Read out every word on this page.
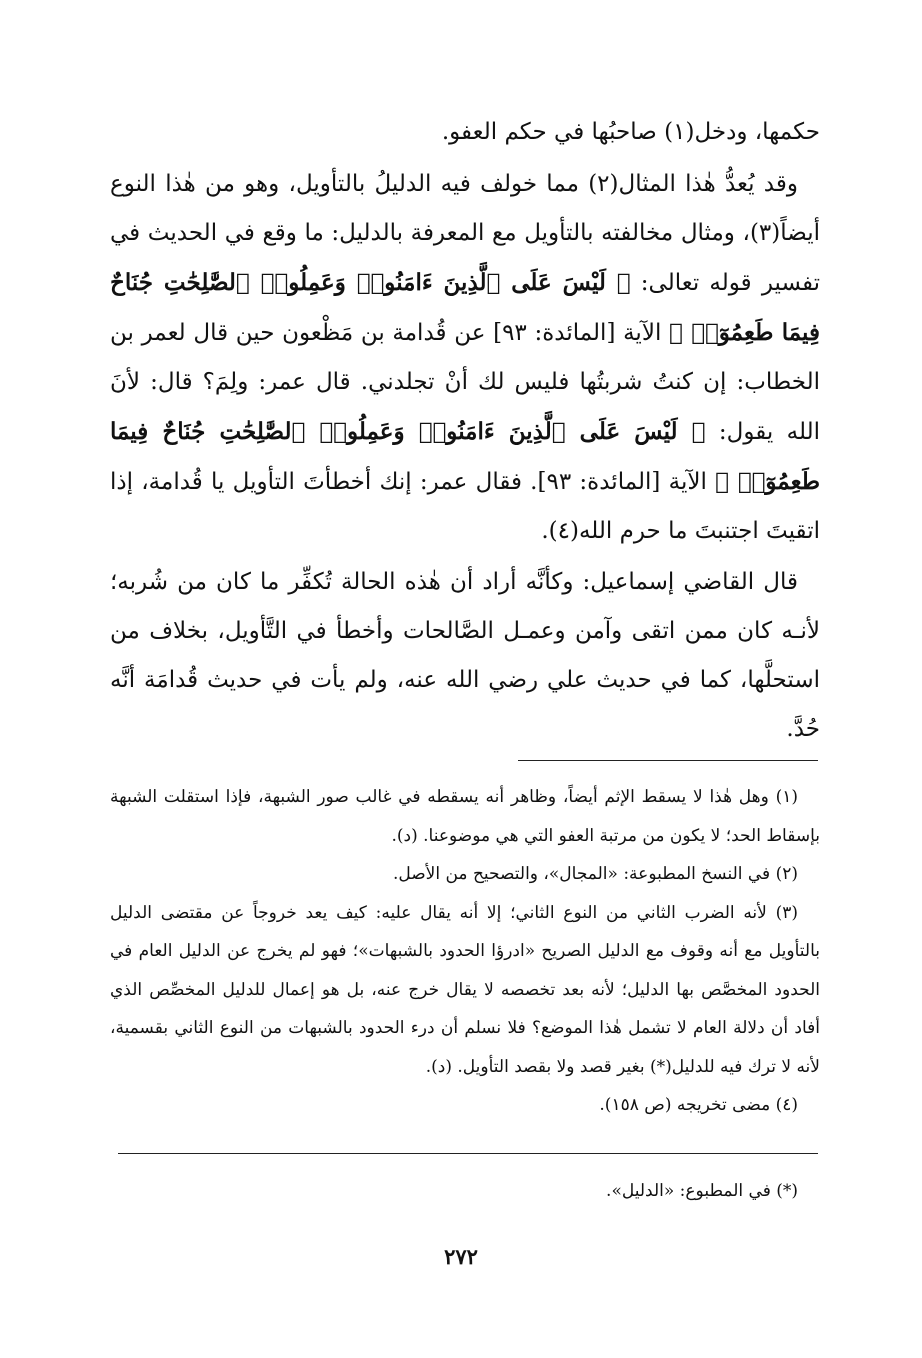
حكمها، ودخل(١) صاحبُها في حكم العفو.

وقد يُعدُّ هٰذا المثال(٢) مما خولف فيه الدليلُ بالتأويل، وهو من هٰذا النوع أيضاً(٣)، ومثال مخالفته بالتأويل مع المعرفة بالدليل: ما وقع في الحديث في تفسير قوله تعالى: ﴿ لَيْسَ عَلَى ٱلَّذِينَ ءَامَنُوا۟ وَعَمِلُوا۟ ٱلصَّٰلِحَٰتِ جُنَاحٌ فِيمَا طَعِمُوٓا۟ ﴾ الآية [المائدة: ٩٣] عن قُدامة بن مَظْعون حين قال لعمر بن الخطاب: إن كنتُ شربتُها فليس لك أنْ تجلدني. قال عمر: ولِمَ؟ قال: لأنَ الله يقول: ﴿ لَيْسَ عَلَى ٱلَّذِينَ ءَامَنُوا۟ وَعَمِلُوا۟ ٱلصَّٰلِحَٰتِ جُنَاحٌ فِيمَا طَعِمُوٓا۟ ﴾ الآية [المائدة: ٩٣]. فقال عمر: إنك أخطأتَ التأويل يا قُدامة، إذا اتقيتَ اجتنبتَ ما حرم الله(٤).

قال القاضي إسماعيل: وكأنَّه أراد أن هٰذه الحالة تُكفِّر ما كان من شُربه؛ لأنـه كان ممن اتقى وآمن وعمـل الصَّالحات وأخطأ في التَّأويل، بخلاف من استحلَّها، كما في حديث علي رضي الله عنه، ولم يأت في حديث قُدامَة أنَّه حُدَّ.

(١) وهل هٰذا لا يسقط الإثم أيضاً، وظاهر أنه يسقطه في غالب صور الشبهة، فإذا استقلت الشبهة بإسقاط الحد؛ لا يكون من مرتبة العفو التي هي موضوعنا. (د).

(٢) في النسخ المطبوعة: «المجال»، والتصحيح من الأصل.

(٣) لأنه الضرب الثاني من النوع الثاني؛ إلا أنه يقال عليه: كيف يعد خروجاً عن مقتضى الدليل بالتأويل مع أنه وقوف مع الدليل الصريح «ادرؤا الحدود بالشبهات»؛ فهو لم يخرج عن الدليل العام في الحدود المخصَّص بها الدليل؛ لأنه بعد تخصصه لا يقال خرج عنه، بل هو إعمال للدليل المخصِّص الذي أفاد أن دلالة العام لا تشمل هٰذا الموضع؟ فلا نسلم أن درء الحدود بالشبهات من النوع الثاني بقسمية، لأنه لا ترك فيه للدليل(*) بغير قصد ولا بقصد التأويل. (د).

(٤) مضى تخريجه (ص ١٥٨).

(*) في المطبوع: «الدليل».

٢٧٢
